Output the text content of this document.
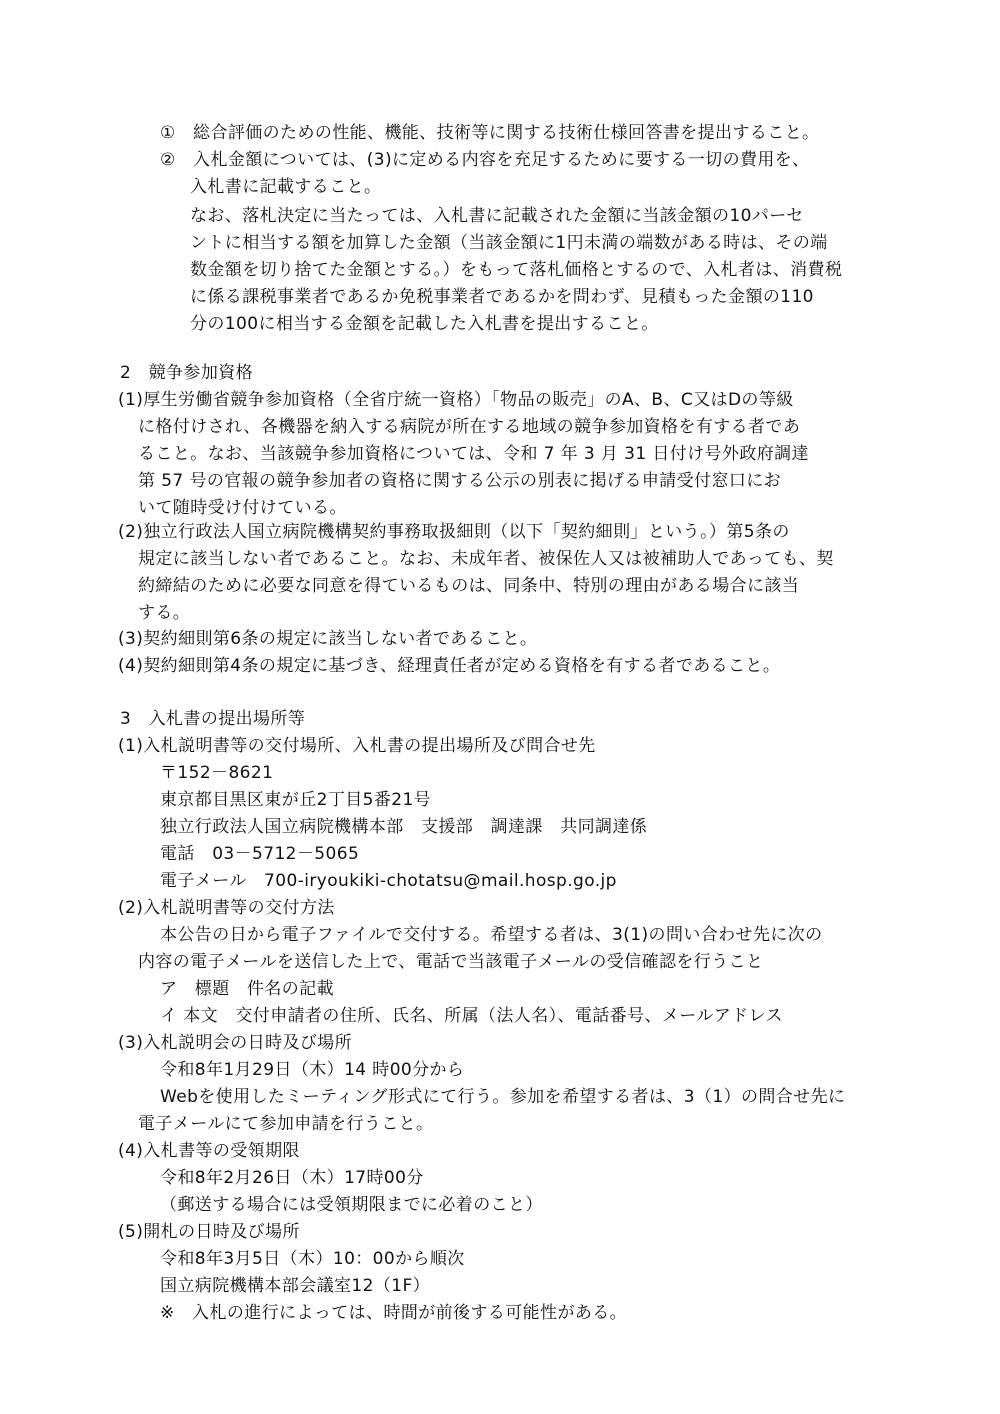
①　総合評価のための性能、機能、技術等に関する技術仕様回答書を提出すること。
②　入札金額については、(3)に定める内容を充足するために要する一切の費用を、
入札書に記載すること。
なお、落札決定に当たっては、入札書に記載された金額に当該金額の10パーセ
ントに相当する額を加算した金額（当該金額に1円未満の端数がある時は、その端
数金額を切り捨てた金額とする。）をもって落札価格とするので、入札者は、消費税
に係る課税事業者であるか免税事業者であるかを問わず、見積もった金額の110
分の100に相当する金額を記載した入札書を提出すること。
2　競争参加資格
(1)厚生労働省競争参加資格（全省庁統一資格）「物品の販売」のA、B、C又はDの等級
に格付けされ、各機器を納入する病院が所在する地域の競争参加資格を有する者であ
ること。なお、当該競争参加資格については、令和 7 年 3 月 31 日付け号外政府調達
第 57 号の官報の競争参加者の資格に関する公示の別表に掲げる申請受付窓口にお
いて随時受け付けている。
(2)独立行政法人国立病院機構契約事務取扱細則（以下「契約細則」という。）第5条の
規定に該当しない者であること。なお、未成年者、被保佐人又は被補助人であっても、契
約締結のために必要な同意を得ているものは、同条中、特別の理由がある場合に該当
する。
(3)契約細則第6条の規定に該当しない者であること。
(4)契約細則第4条の規定に基づき、経理責任者が定める資格を有する者であること。
3　入札書の提出場所等
(1)入札説明書等の交付場所、入札書の提出場所及び問合せ先
〒152－8621
東京都目黒区東が丘2丁目5番21号
独立行政法人国立病院機構本部　支援部　調達課　共同調達係
電話　03－5712－5065
電子メール　700-iryoukiki-chotatsu@mail.hosp.go.jp
(2)入札説明書等の交付方法
本公告の日から電子ファイルで交付する。希望する者は、3(1)の問い合わせ先に次の
内容の電子メールを送信した上で、電話で当該電子メールの受信確認を行うこと
ア　標題　件名の記載
イ 本文　交付申請者の住所、氏名、所属（法人名）、電話番号、メールアドレス
(3)入札説明会の日時及び場所
令和8年1月29日（木）14 時00分から
Webを使用したミーティング形式にて行う。参加を希望する者は、3（1）の問合せ先に
電子メールにて参加申請を行うこと。
(4)入札書等の受領期限
令和8年2月26日（木）17時00分
（郵送する場合には受領期限までに必着のこと）
(5)開札の日時及び場所
令和8年3月5日（木）10：00から順次
国立病院機構本部会議室12（1F）
※　入札の進行によっては、時間が前後する可能性がある。
